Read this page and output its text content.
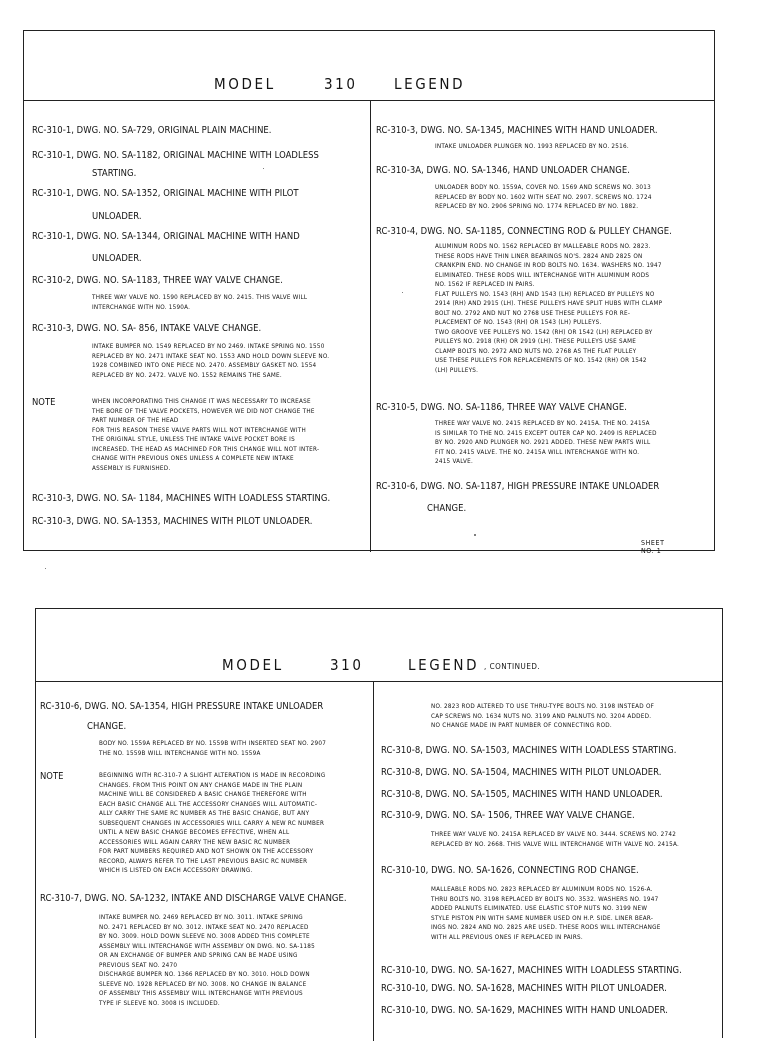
MODEL	310 LEGEND
RC-310-1, DWG. NO. SA-729, ORIGINAL PLAIN MACHINE.
RC-310-1, DWG. NO. SA-1182, ORIGINAL MACHINE WITH LOADLESS
STARTING.
RC-310-1, DWG. NO. SA-1352, ORIGINAL MACHINE WITH PILOT
UNLOADER.
RC-310-1, DWG. NO. SA-1344, ORIGINAL MACHINE WITH HAND
UNLOADER.
RC-310-2, DWG. NO. SA-1183, THREE WAY VALVE CHANGE.
THREE WAY VALVE NO. 1590 REPLACED BY NO. 2415. THIS VALVE WILL
INTERCHANGE WITH NO. 1590A.
RC-310-3, DWG. NO. SA- 856, INTAKE VALVE CHANGE.
INTAKE BUMPER NO. 1549 REPLACED BY NO 2469. INTAKE SPRING NO. 1550
REPLACED BY NO. 2471 INTAKE SEAT NO. 1553 AND HOLD DOWN SLEEVE NO.
1928 COMBINED INTO ONE PIECE NO. 2470. ASSEMBLY GASKET NO. 1554
REPLACED BY NO. 2472. VALVE NO. 1552 REMAINS THE SAME.
NOTE	WHEN INCORPORATING THIS CHANGE IT WAS NECESSARY TO INCREASE
THE BORE OF THE VALVE POCKETS, HOWEVER WE DID NOT CHANGE THE
PART NUMBER OF THE HEAD
FOR THIS REASON THESE VALVE PARTS WILL NOT INTERCHANGE WITH
THE ORIGINAL STYLE, UNLESS THE INTAKE VALVE POCKET BORE IS
INCREASED. THE HEAD AS MACHINED FOR THIS CHANGE WILL NOT INTER-
CHANGE WITH PREVIOUS ONES UNLESS A COMPLETE NEW INTAKE
ASSEMBLY IS FURNISHED.
RC-310-3, DWG. NO. SA- 1184, MACHINES WITH LOADLESS STARTING.
RC-310-3, DWG. NO. SA-1353, MACHINES WITH PILOT UNLOADER.
RC-310-3, DWG. NO. SA-1345, MACHINES WITH HAND UNLOADER.
INTAKE UNLOADER PLUNGER NO. 1993 REPLACED BY NO. 2516.
RC-310-3A, DWG. NO. SA-1346, HAND UNLOADER CHANGE.
UNLOADER BODY NO. 1559A, COVER NO. 1569 AND SCREWS NO. 3013
REPLACED BY BODY NO. 1602 WITH SEAT NO. 2907. SCREWS NO. 1724
REPLACED BY NO. 2906 SPRING NO. 1774 REPLACED BY NO. 1882.
RC-310-4, DWG. NO. SA-1185, CONNECTING ROD & PULLEY CHANGE.
ALUMINUM RODS NO. 1562 REPLACED BY MALLEABLE RODS NO. 2823.
THESE RODS HAVE THIN LINER BEARINGS NO'S. 2824 AND 2825 ON
CRANKPIN END. NO CHANGE IN ROD BOLTS NO. 1634. WASHERS NO. 1947
ELIMINATED. THESE RODS WILL INTERCHANGE WITH ALUMINUM RODS
NO. 1562 IF REPLACED IN PAIRS.
FLAT PULLEYS NO. 1543 (RH) AND 1543 (LH) REPLACED BY PULLEYS NO
2914 (RH) AND 2915 (LH). THESE PULLEYS HAVE SPLIT HUBS WITH CLAMP
BOLT NO. 2792 AND NUT NO 2768 USE THESE PULLEYS FOR RE-
PLACEMENT OF NO. 1543 (RH) OR 1543 (LH) PULLEYS.
TWO GROOVE VEE PULLEYS NO. 1542 (RH) OR 1542 (LH) REPLACED BY
PULLEYS NO. 2918 (RH) OR 2919 (LH). THESE PULLEYS USE SAME
CLAMP BOLTS NO. 2972 AND NUTS NO. 2768 AS THE FLAT PULLEY
USE THESE PULLEYS FOR REPLACEMENTS OF NO. 1542 (RH) OR 1542
(LH) PULLEYS.
RC-310-5, DWG. NO. SA-1186, THREE WAY VALVE CHANGE.
THREE WAY VALVE NO. 2415 REPLACED BY NO. 2415A. THE NO. 2415A
IS SIMILAR TO THE NO. 2415 EXCEPT OUTER CAP NO. 2409 IS REPLACED
BY NO. 2920 AND PLUNGER NO. 2921 ADDED. THESE NEW PARTS WILL
FIT NO. 2415 VALVE. THE NO. 2415A WILL INTERCHANGE WITH NO.
2415 VALVE.
RC-310-6, DWG. NO. SA-1187, HIGH PRESSURE INTAKE UNLOADER
CHANGE.
SHEET NO. 1
MODEL	310	LEGEND , CONTINUED.
RC-310-6, DWG. NO. SA-1354, HIGH PRESSURE INTAKE UNLOADER
CHANGE.
BODY NO. 1559A REPLACED BY NO. 1559B WITH INSERTED SEAT NO. 2907
THE NO. 1559B WILL INTERCHANGE WITH NO. 1559A
NOTE	BEGINNING WITH RC-310-7 A SLIGHT ALTERATION IS MADE IN RECORDING
CHANGES. FROM THIS POINT ON ANY CHANGE MADE IN THE PLAIN
MACHINE WILL BE CONSIDERED A BASIC CHANGE THEREFORE WITH
EACH BASIC CHANGE ALL THE ACCESSORY CHANGES WILL AUTOMATIC-
ALLY CARRY THE SAME RC NUMBER AS THE BASIC CHANGE, BUT ANY
SUBSEQUENT CHANGES IN ACCESSORIES WILL CARRY A NEW RC NUMBER
UNTIL A NEW BASIC CHANGE BECOMES EFFECTIVE, WHEN ALL
ACCESSORIES WILL AGAIN CARRY THE NEW BASIC RC NUMBER
FOR PART NUMBERS REQUIRED AND NOT SHOWN ON THE ACCESSORY
RECORD, ALWAYS REFER TO THE LAST PREVIOUS BASIC RC NUMBER
WHICH IS LISTED ON EACH ACCESSORY DRAWING.
RC-310-7, DWG. NO. SA-1232, INTAKE AND DISCHARGE VALVE CHANGE.
INTAKE BUMPER NO. 2469 REPLACED BY NO. 3011. INTAKE SPRING
NO. 2471 REPLACED BY NO. 3012. INTAKE SEAT NO. 2470 REPLACED
BY NO. 3009. HOLD DOWN SLEEVE NO. 3008 ADDED THIS COMPLETE
ASSEMBLY WILL INTERCHANGE WITH ASSEMBLY ON DWG. NO. SA-1185
OR AN EXCHANGE OF BUMPER AND SPRING CAN BE MADE USING
PREVIOUS SEAT NO. 2470
DISCHARGE BUMPER NO. 1366 REPLACED BY NO. 3010. HOLD DOWN
SLEEVE NO. 1928 REPLACED BY NO. 3008. NO CHANGE IN BALANCE
OF ASSEMBLY THIS ASSEMBLY WILL INTERCHANGE WITH PREVIOUS
TYPE IF SLEEVE NO. 3008 IS INCLUDED.
NO. 2823 ROD ALTERED TO USE THRU-TYPE BOLTS NO. 3198 INSTEAD OF
CAP SCREWS NO. 1634 NUTS NO. 3199 AND PALNUTS NO. 3204 ADDED.
NO CHANGE MADE IN PART NUMBER OF CONNECTING ROD.
RC-310-8, DWG. NO. SA-1503, MACHINES WITH LOADLESS STARTING.
RC-310-8, DWG. NO. SA-1504, MACHINES WITH PILOT UNLOADER.
RC-310-8, DWG. NO. SA-1505, MACHINES WITH HAND UNLOADER.
RC-310-9, DWG. NO. SA- 1506, THREE WAY VALVE CHANGE.
THREE WAY VALVE NO. 2415A REPLACED BY VALVE NO. 3444. SCREWS NO. 2742
REPLACED BY NO. 2668. THIS VALVE WILL INTERCHANGE WITH VALVE NO. 2415A.
RC-310-10, DWG. NO. SA-1626, CONNECTING ROD CHANGE.
MALLEABLE RODS NO. 2823 REPLACED BY ALUMINUM RODS NO. 1526-A.
THRU BOLTS NO. 3198 REPLACED BY BOLTS NO. 3532. WASHERS NO. 1947
ADDED PALNUTS ELIMINATED. USE ELASTIC STOP NUTS NO. 3199 NEW
STYLE PISTON PIN WITH SAME NUMBER USED ON H.P. SIDE. LINER BEAR-
INGS NO. 2824 AND NO. 2825 ARE USED. THESE RODS WILL INTERCHANGE
WITH ALL PREVIOUS ONES IF REPLACED IN PAIRS.
RC-310-10, DWG. NO. SA-1627, MACHINES WITH LOADLESS STARTING.
RC-310-10, DWG. NO. SA-1628, MACHINES WITH PILOT UNLOADER.
RC-310-10, DWG. NO. SA-1629, MACHINES WITH HAND UNLOADER.
